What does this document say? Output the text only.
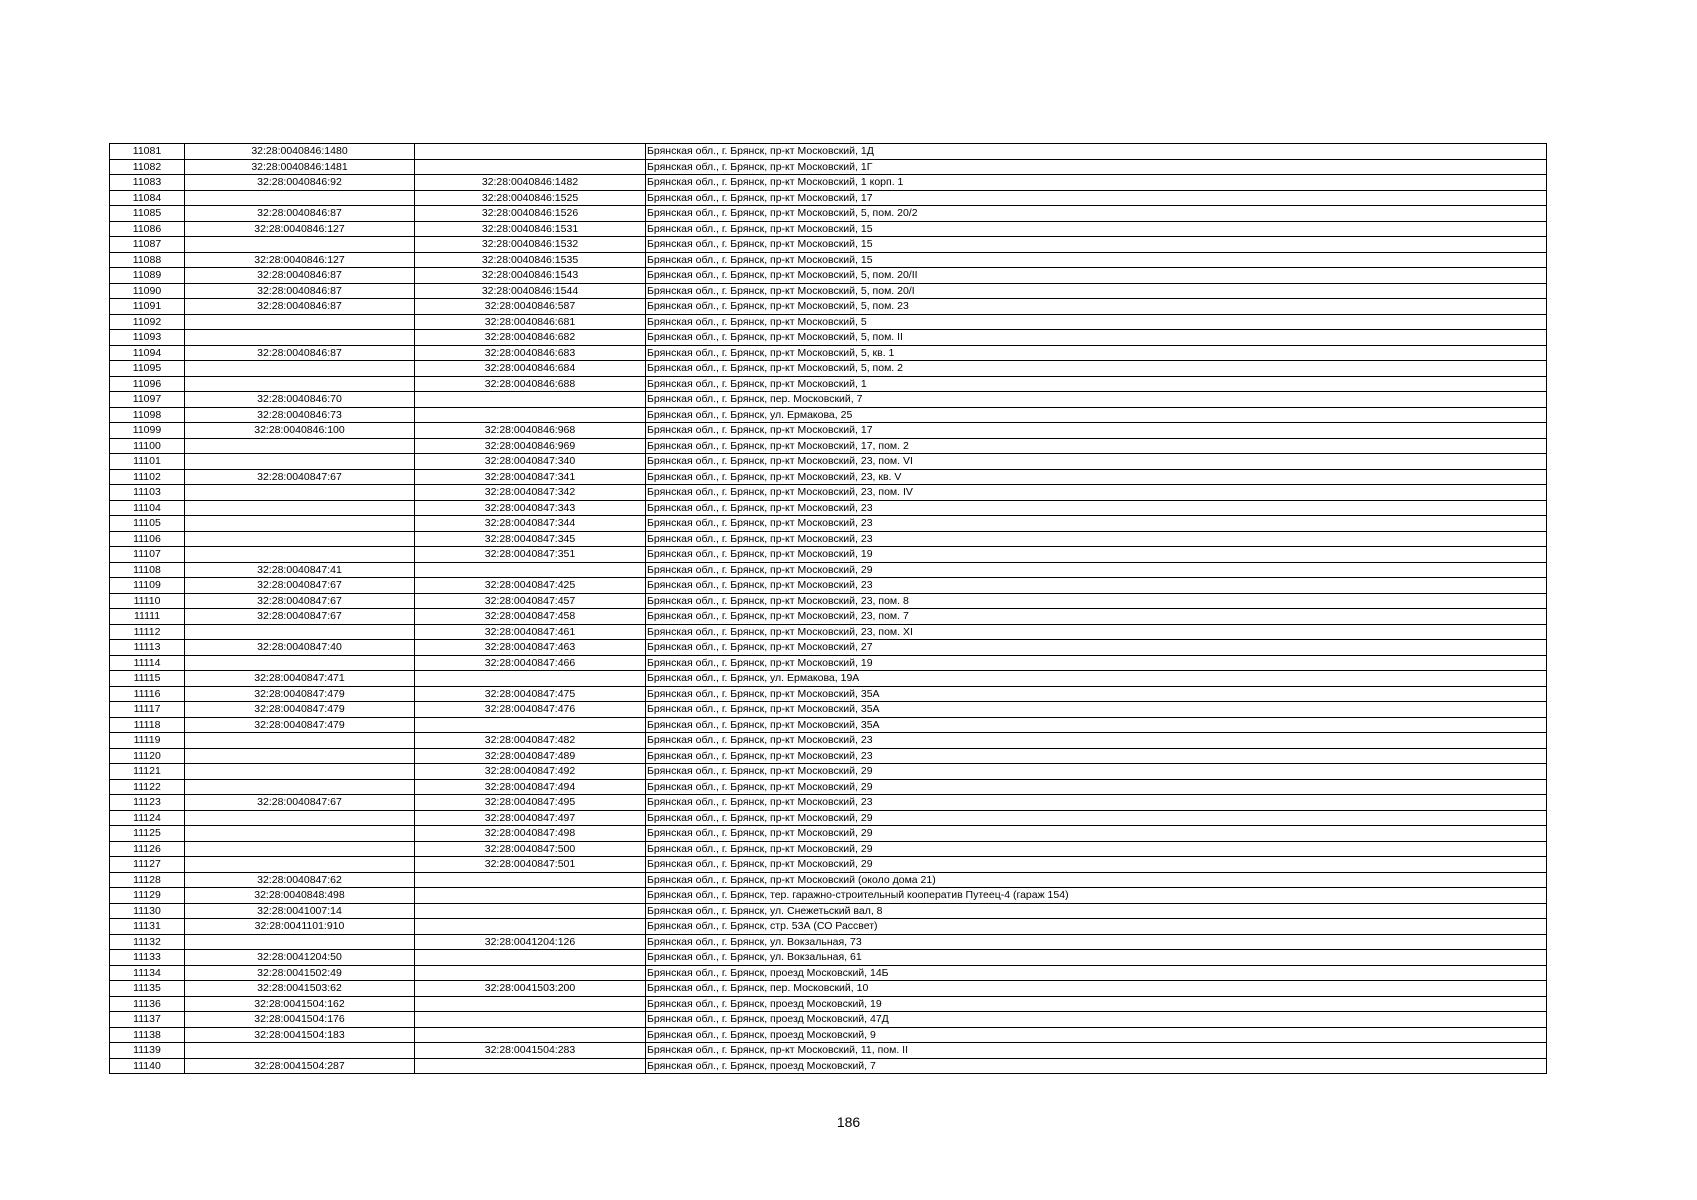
11081	32:28:0040846:1480		Брянская обл., г. Брянск, пр-кт Московский, 1Д
11082	32:28:0040846:1481		Брянская обл., г. Брянск, пр-кт Московский, 1Г
11083	32:28:0040846:92	32:28:0040846:1482	Брянская обл., г. Брянск, пр-кт Московский, 1 корп. 1
11084		32:28:0040846:1525	Брянская обл., г. Брянск, пр-кт Московский, 17
11085	32:28:0040846:87	32:28:0040846:1526	Брянская обл., г. Брянск, пр-кт Московский, 5, пом. 20/2
11086	32:28:0040846:127	32:28:0040846:1531	Брянская обл., г. Брянск, пр-кт Московский, 15
11087		32:28:0040846:1532	Брянская обл., г. Брянск, пр-кт Московский, 15
11088	32:28:0040846:127	32:28:0040846:1535	Брянская обл., г. Брянск, пр-кт Московский, 15
11089	32:28:0040846:87	32:28:0040846:1543	Брянская обл., г. Брянск, пр-кт Московский, 5, пом. 20/II
11090	32:28:0040846:87	32:28:0040846:1544	Брянская обл., г. Брянск, пр-кт Московский, 5, пом. 20/I
11091	32:28:0040846:87	32:28:0040846:587	Брянская обл., г. Брянск, пр-кт Московский, 5, пом. 23
11092		32:28:0040846:681	Брянская обл., г. Брянск, пр-кт Московский, 5
11093		32:28:0040846:682	Брянская обл., г. Брянск, пр-кт Московский, 5, пом. II
11094	32:28:0040846:87	32:28:0040846:683	Брянская обл., г. Брянск, пр-кт Московский, 5, кв. 1
11095		32:28:0040846:684	Брянская обл., г. Брянск, пр-кт Московский, 5, пом. 2
11096		32:28:0040846:688	Брянская обл., г. Брянск, пр-кт Московский, 1
11097	32:28:0040846:70		Брянская обл., г. Брянск, пер. Московский, 7
11098	32:28:0040846:73		Брянская обл., г. Брянск, ул. Ермакова, 25
11099	32:28:0040846:100	32:28:0040846:968	Брянская обл., г. Брянск, пр-кт Московский, 17
11100		32:28:0040846:969	Брянская обл., г. Брянск, пр-кт Московский, 17, пом. 2
11101		32:28:0040847:340	Брянская обл., г. Брянск, пр-кт Московский, 23, пом. VI
11102	32:28:0040847:67	32:28:0040847:341	Брянская обл., г. Брянск, пр-кт Московский, 23, кв. V
11103		32:28:0040847:342	Брянская обл., г. Брянск, пр-кт Московский, 23, пом. IV
11104		32:28:0040847:343	Брянская обл., г. Брянск, пр-кт Московский, 23
11105		32:28:0040847:344	Брянская обл., г. Брянск, пр-кт Московский, 23
11106		32:28:0040847:345	Брянская обл., г. Брянск, пр-кт Московский, 23
11107		32:28:0040847:351	Брянская обл., г. Брянск, пр-кт Московский, 19
11108	32:28:0040847:41		Брянская обл., г. Брянск, пр-кт Московский, 29
11109	32:28:0040847:67	32:28:0040847:425	Брянская обл., г. Брянск, пр-кт Московский, 23
11110	32:28:0040847:67	32:28:0040847:457	Брянская обл., г. Брянск, пр-кт Московский, 23, пом. 8
11111	32:28:0040847:67	32:28:0040847:458	Брянская обл., г. Брянск, пр-кт Московский, 23, пом. 7
11112		32:28:0040847:461	Брянская обл., г. Брянск, пр-кт Московский, 23, пом. XI
11113	32:28:0040847:40	32:28:0040847:463	Брянская обл., г. Брянск, пр-кт Московский, 27
11114		32:28:0040847:466	Брянская обл., г. Брянск, пр-кт Московский, 19
11115	32:28:0040847:471		Брянская обл., г. Брянск, ул. Ермакова, 19А
11116	32:28:0040847:479	32:28:0040847:475	Брянская обл., г. Брянск, пр-кт Московский, 35А
11117	32:28:0040847:479	32:28:0040847:476	Брянская обл., г. Брянск, пр-кт Московский, 35А
11118	32:28:0040847:479		Брянская обл., г. Брянск, пр-кт Московский, 35А
11119		32:28:0040847:482	Брянская обл., г. Брянск, пр-кт Московский, 23
11120		32:28:0040847:489	Брянская обл., г. Брянск, пр-кт Московский, 23
11121		32:28:0040847:492	Брянская обл., г. Брянск, пр-кт Московский, 29
11122		32:28:0040847:494	Брянская обл., г. Брянск, пр-кт Московский, 29
11123	32:28:0040847:67	32:28:0040847:495	Брянская обл., г. Брянск, пр-кт Московский, 23
11124		32:28:0040847:497	Брянская обл., г. Брянск, пр-кт Московский, 29
11125		32:28:0040847:498	Брянская обл., г. Брянск, пр-кт Московский, 29
11126		32:28:0040847:500	Брянская обл., г. Брянск, пр-кт Московский, 29
11127		32:28:0040847:501	Брянская обл., г. Брянск, пр-кт Московский, 29
11128	32:28:0040847:62		Брянская обл., г. Брянск, пр-кт Московский (около дома 21)
11129	32:28:0040848:498		Брянская обл., г. Брянск, тер. гаражно-строительный кооператив Путеец-4 (гараж 154)
11130	32:28:0041007:14		Брянская обл., г. Брянск, ул. Снежетьский вал, 8
11131	32:28:0041101:910		Брянская обл., г. Брянск, стр. 53А (СО Рассвет)
11132		32:28:0041204:126	Брянская обл., г. Брянск, ул. Вокзальная, 73
11133	32:28:0041204:50		Брянская обл., г. Брянск, ул. Вокзальная, 61
11134	32:28:0041502:49		Брянская обл., г. Брянск, проезд Московский, 14Б
11135	32:28:0041503:62	32:28:0041503:200	Брянская обл., г. Брянск, пер. Московский, 10
11136	32:28:0041504:162		Брянская обл., г. Брянск, проезд Московский, 19
11137	32:28:0041504:176		Брянская обл., г. Брянск, проезд Московский, 47Д
11138	32:28:0041504:183		Брянская обл., г. Брянск, проезд Московский, 9
11139		32:28:0041504:283	Брянская обл., г. Брянск, пр-кт Московский, 11, пом. II
11140	32:28:0041504:287		Брянская обл., г. Брянск, проезд Московский, 7
186
